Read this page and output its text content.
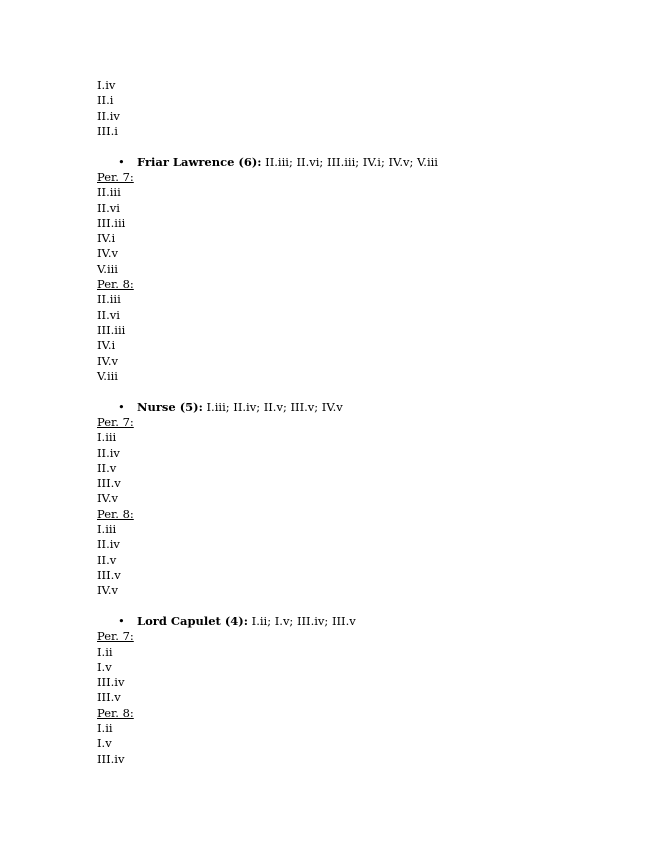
I.iv
II.i
II.iv
III.i
• Friar Lawrence (6): II.iii; II.vi; III.iii; IV.i; IV.v; V.iii
Per. 7:
II.iii
II.vi
III.iii
IV.i
IV.v
V.iii
Per. 8:
II.iii
II.vi
III.iii
IV.i
IV.v
V.iii
• Nurse (5): I.iii; II.iv; II.v; III.v; IV.v
Per. 7:
I.iii
II.iv
II.v
III.v
IV.v
Per. 8:
I.iii
II.iv
II.v
III.v
IV.v
• Lord Capulet (4): I.ii; I.v; III.iv; III.v
Per. 7:
I.ii
I.v
III.iv
III.v
Per. 8:
I.ii
I.v
III.iv
